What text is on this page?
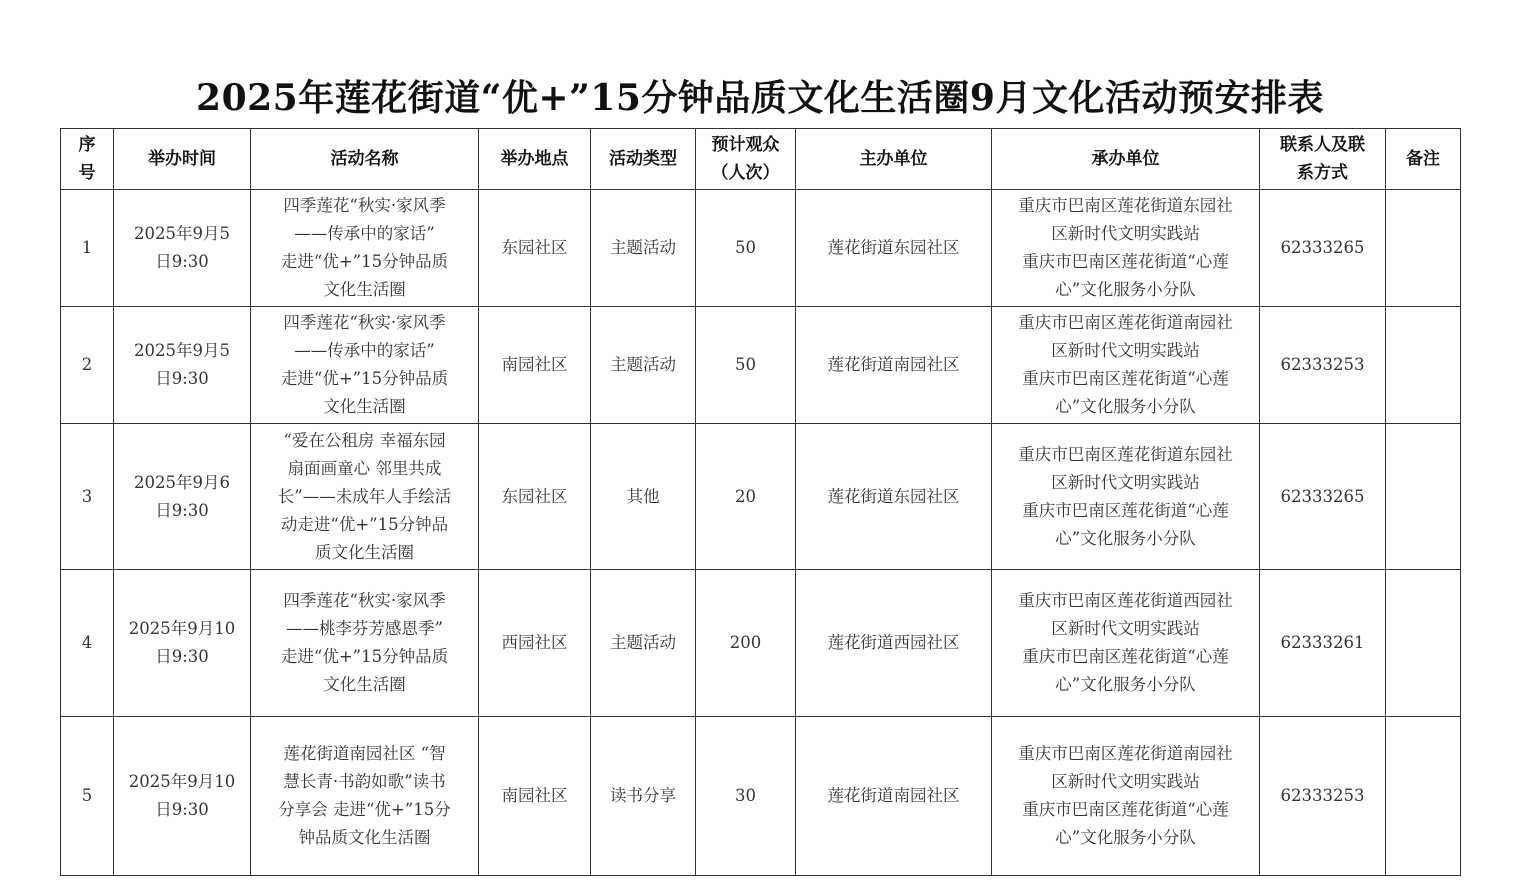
2025年莲花街道“优+”15分钟品质文化生活圈9月文化活动预安排表
序
号	举办时间	活动名称	举办地点	活动类型	预计观众
（人次）	主办单位	承办单位	联系人及联
系方式	备注
1	2025年9月5
日9:30	四季莲花“秋实·家风季
——传承中的家话”
走进“优+”15分钟品质
文化生活圈	东园社区	主题活动	50	莲花街道东园社区	重庆市巴南区莲花街道东园社
区新时代文明实践站
重庆市巴南区莲花街道“心莲
心”文化服务小分队	62333265	
2	2025年9月5
日9:30	四季莲花“秋实·家风季
——传承中的家话”
走进“优+”15分钟品质
文化生活圈	南园社区	主题活动	50	莲花街道南园社区	重庆市巴南区莲花街道南园社
区新时代文明实践站
重庆市巴南区莲花街道“心莲
心”文化服务小分队	62333253	
3	2025年9月6
日9:30	“爱在公租房 幸福东园
扇面画童心 邻里共成
长”——未成年人手绘活
动走进“优+”15分钟品
质文化生活圈	东园社区	其他	20	莲花街道东园社区	重庆市巴南区莲花街道东园社
区新时代文明实践站
重庆市巴南区莲花街道“心莲
心”文化服务小分队	62333265	
4	2025年9月10
日9:30	四季莲花“秋实·家风季
——桃李芬芳感恩季”
走进“优+”15分钟品质
文化生活圈	西园社区	主题活动	200	莲花街道西园社区	重庆市巴南区莲花街道西园社
区新时代文明实践站
重庆市巴南区莲花街道“心莲
心”文化服务小分队	62333261	
5	2025年9月10
日9:30	莲花街道南园社区 “智
慧长青·书韵如歌”读书
分享会 走进“优+”15分
钟品质文化生活圈	南园社区	读书分享	30	莲花街道南园社区	重庆市巴南区莲花街道南园社
区新时代文明实践站
重庆市巴南区莲花街道“心莲
心”文化服务小分队	62333253	
